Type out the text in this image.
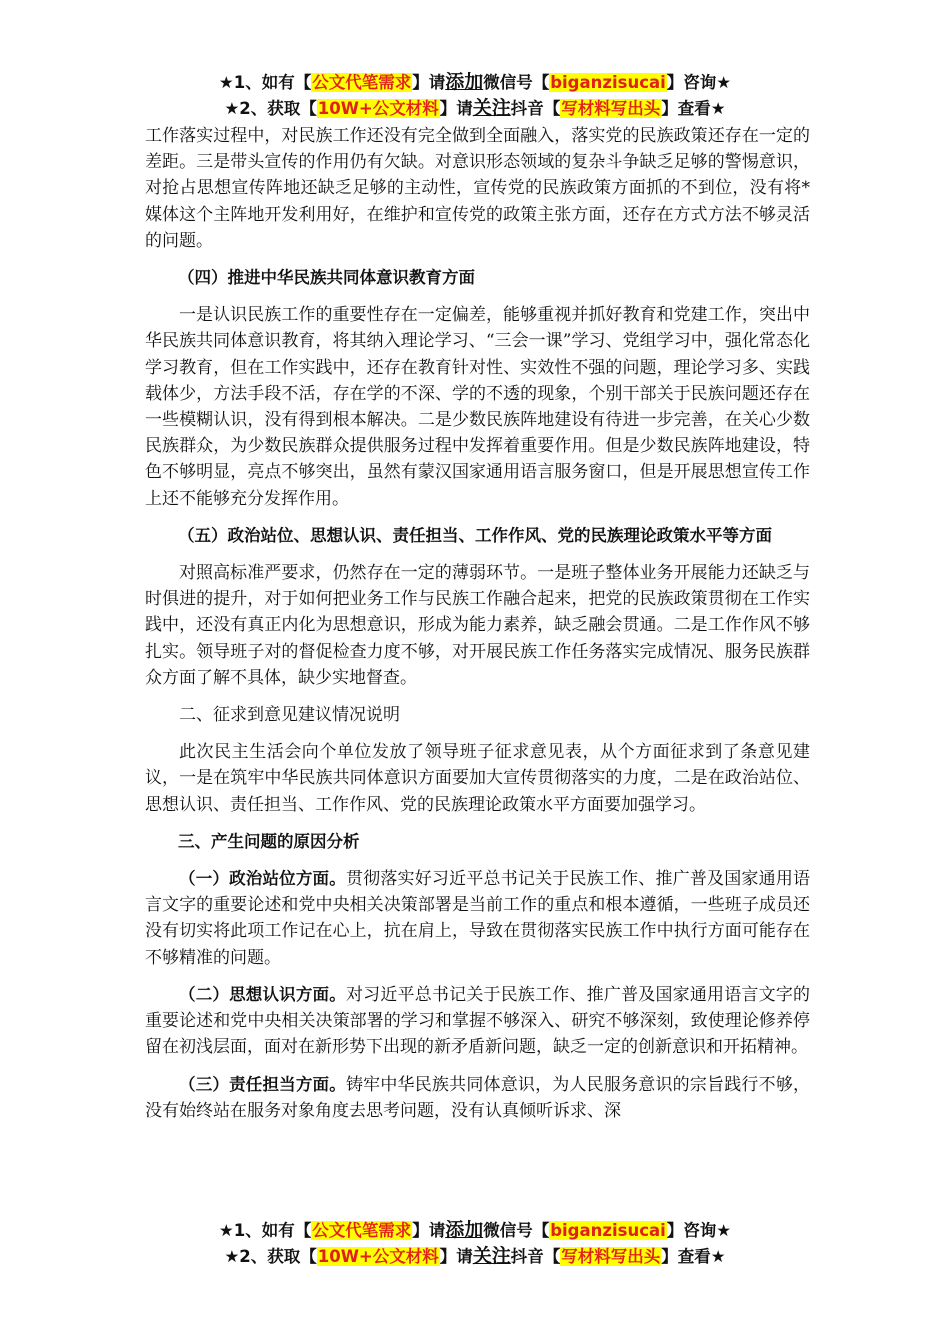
★1、如有【公文代笔需求】请添加微信号【biganzisucai】咨询★
★2、获取【10W+公文材料】请关注抖音【写材料写出头】查看★

工作落实过程中，对民族工作还没有完全做到全面融入，落实党的民族政策还存在一定的差距。三是带头宣传的作用仍有欠缺。对意识形态领域的复杂斗争缺乏足够的警惕意识，对抢占思想宣传阵地还缺乏足够的主动性，宣传党的民族政策方面抓的不到位，没有将*媒体这个主阵地开发利用好，在维护和宣传党的政策主张方面，还存在方式方法不够灵活的问题。

（四）推进中华民族共同体意识教育方面

一是认识民族工作的重要性存在一定偏差，能够重视并抓好教育和党建工作，突出中华民族共同体意识教育，将其纳入理论学习、“三会一课”学习、党组学习中，强化常态化学习教育，但在工作实践中，还存在教育针对性、实效性不强的问题，理论学习多、实践载体少，方法手段不活，存在学的不深、学的不透的现象，个别干部关于民族问题还存在一些模糊认识，没有得到根本解决。二是少数民族阵地建设有待进一步完善，在关心少数民族群众，为少数民族群众提供服务过程中发挥着重要作用。但是少数民族阵地建设，特色不够明显，亮点不够突出，虽然有蒙汉国家通用语言服务窗口，但是开展思想宣传工作上还不能够充分发挥作用。

（五）政治站位、思想认识、责任担当、工作作风、党的民族理论政策水平等方面

对照高标准严要求，仍然存在一定的薄弱环节。一是班子整体业务开展能力还缺乏与时俱进的提升，对于如何把业务工作与民族工作融合起来，把党的民族政策贯彻在工作实践中，还没有真正内化为思想意识，形成为能力素养，缺乏融会贯通。二是工作作风不够扎实。领导班子对的督促检查力度不够，对开展民族工作任务落实完成情况、服务民族群众方面了解不具体，缺少实地督查。

二、征求到意见建议情况说明

此次民主生活会向个单位发放了领导班子征求意见表，从个方面征求到了条意见建议，一是在筑牢中华民族共同体意识方面要加大宣传贯彻落实的力度，二是在政治站位、思想认识、责任担当、工作作风、党的民族理论政策水平方面要加强学习。

三、产生问题的原因分析

（一）政治站位方面。贯彻落实好习近平总书记关于民族工作、推广普及国家通用语言文字的重要论述和党中央相关决策部署是当前工作的重点和根本遵循，一些班子成员还没有切实将此项工作记在心上，抗在肩上，导致在贯彻落实民族工作中执行方面可能存在不够精准的问题。

（二）思想认识方面。对习近平总书记关于民族工作、推广普及国家通用语言文字的重要论述和党中央相关决策部署的学习和掌握不够深入、研究不够深刻，致使理论修养停留在初浅层面，面对在新形势下出现的新矛盾新问题，缺乏一定的创新意识和开拓精神。

（三）责任担当方面。铸牢中华民族共同体意识，为人民服务意识的宗旨践行不够，没有始终站在服务对象角度去思考问题，没有认真倾听诉求、深

★1、如有【公文代笔需求】请添加微信号【biganzisucai】咨询★
★2、获取【10W+公文材料】请关注抖音【写材料写出头】查看★
